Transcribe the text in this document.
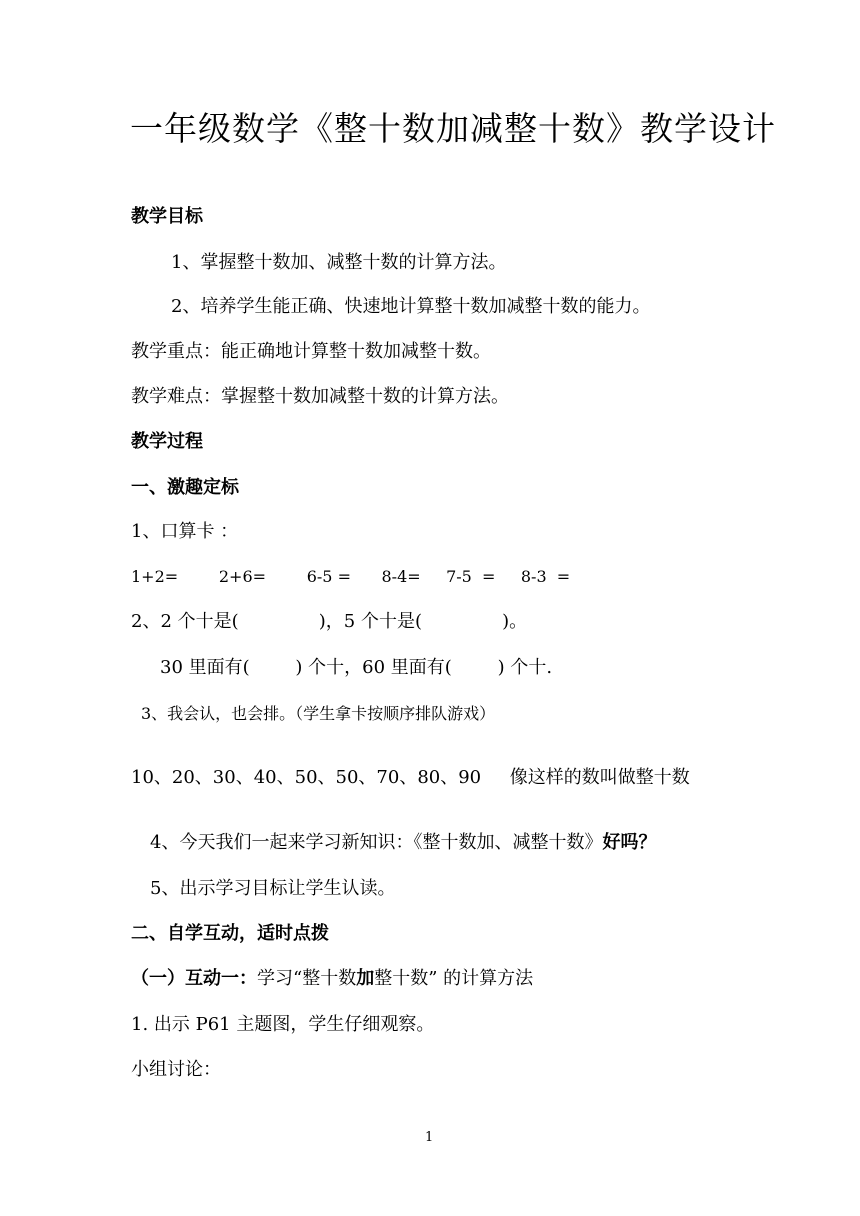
一年级数学《整十数加减整十数》教学设计
教学目标
1、掌握整十数加、减整十数的计算方法。
2、培养学生能正确、快速地计算整十数加减整十数的能力。
教学重点：能正确地计算整十数加减整十数。
教学难点：掌握整十数加减整十数的计算方法。
教学过程
一、激趣定标
1、口算卡 ：
1+2=        2+6=        6-5 =      8-4=     7-5  =     8-3  =
2、2 个十是(              )，5 个十是(              )。
30 里面有(        ) 个十，60 里面有(        ) 个十.
3、我会认，也会排。（学生拿卡按顺序排队游戏）
10、20、30、40、50、50、70、80、90     像这样的数叫做整十数
4、今天我们一起来学习新知识：《整十数加、减整十数》好吗？
5、出示学习目标让学生认读。
二、自学互动，适时点拨
（一）互动一：学习“整十数加整十数” 的计算方法
1. 出示 P61 主题图，学生仔细观察。
小组讨论：
1
